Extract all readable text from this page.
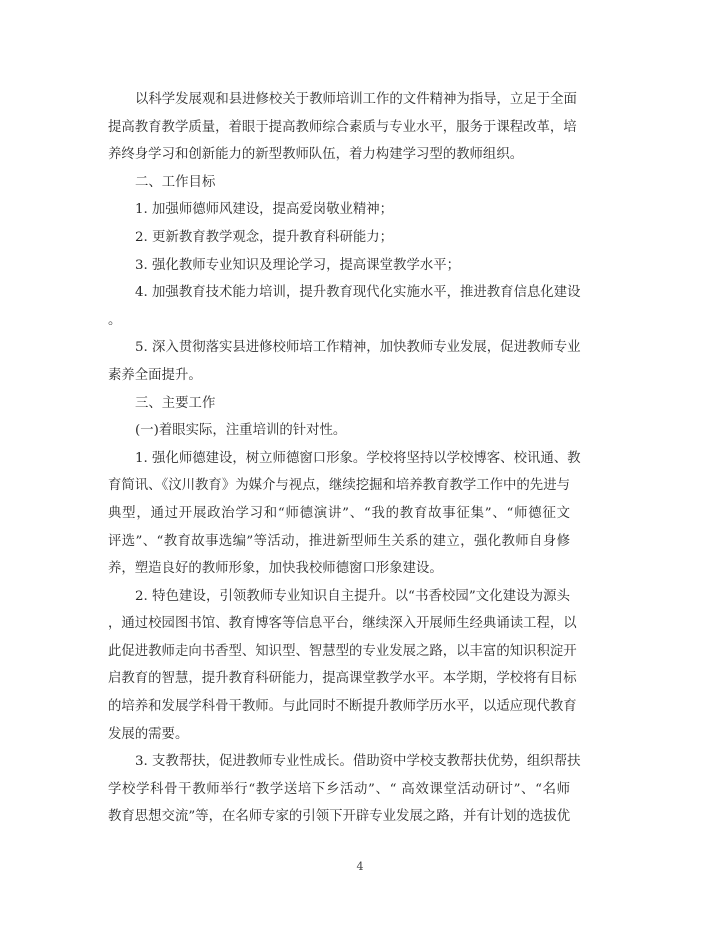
以科学发展观和县进修校关于教师培训工作的文件精神为指导，立足于全面
提高教育教学质量，着眼于提高教师综合素质与专业水平，服务于课程改革，培
养终身学习和创新能力的新型教师队伍，着力构建学习型的教师组织。
二、工作目标
1. 加强师德师风建设，提高爱岗敬业精神；
2. 更新教育教学观念，提升教育科研能力；
3. 强化教师专业知识及理论学习，提高课堂教学水平；
4. 加强教育技术能力培训，提升教育现代化实施水平，推进教育信息化建设
。
5. 深入贯彻落实县进修校师培工作精神，加快教师专业发展，促进教师专业
素养全面提升。
三、主要工作
(一)着眼实际，注重培训的针对性。
1. 强化师德建设，树立师德窗口形象。学校将坚持以学校博客、校讯通、教
育简讯、《汶川教育》为媒介与视点，继续挖掘和培养教育教学工作中的先进与
典型，通过开展政治学习和“师德演讲”、“我的教育故事征集”、“师德征文
评选”、“教育故事选编”等活动，推进新型师生关系的建立，强化教师自身修
养，塑造良好的教师形象，加快我校师德窗口形象建设。
2. 特色建设，引领教师专业知识自主提升。以“书香校园”文化建设为源头
，通过校园图书馆、教育博客等信息平台，继续深入开展师生经典诵读工程，以
此促进教师走向书香型、知识型、智慧型的专业发展之路，以丰富的知识积淀开
启教育的智慧，提升教育科研能力，提高课堂教学水平。本学期，学校将有目标
的培养和发展学科骨干教师。与此同时不断提升教师学历水平，以适应现代教育
发展的需要。
3. 支教帮扶，促进教师专业性成长。借助资中学校支教帮扶优势，组织帮扶
学校学科骨干教师举行“教学送培下乡活动”、“ 高效课堂活动研讨”、“名师
教育思想交流”等，在名师专家的引领下开辟专业发展之路，并有计划的选拔优
4
